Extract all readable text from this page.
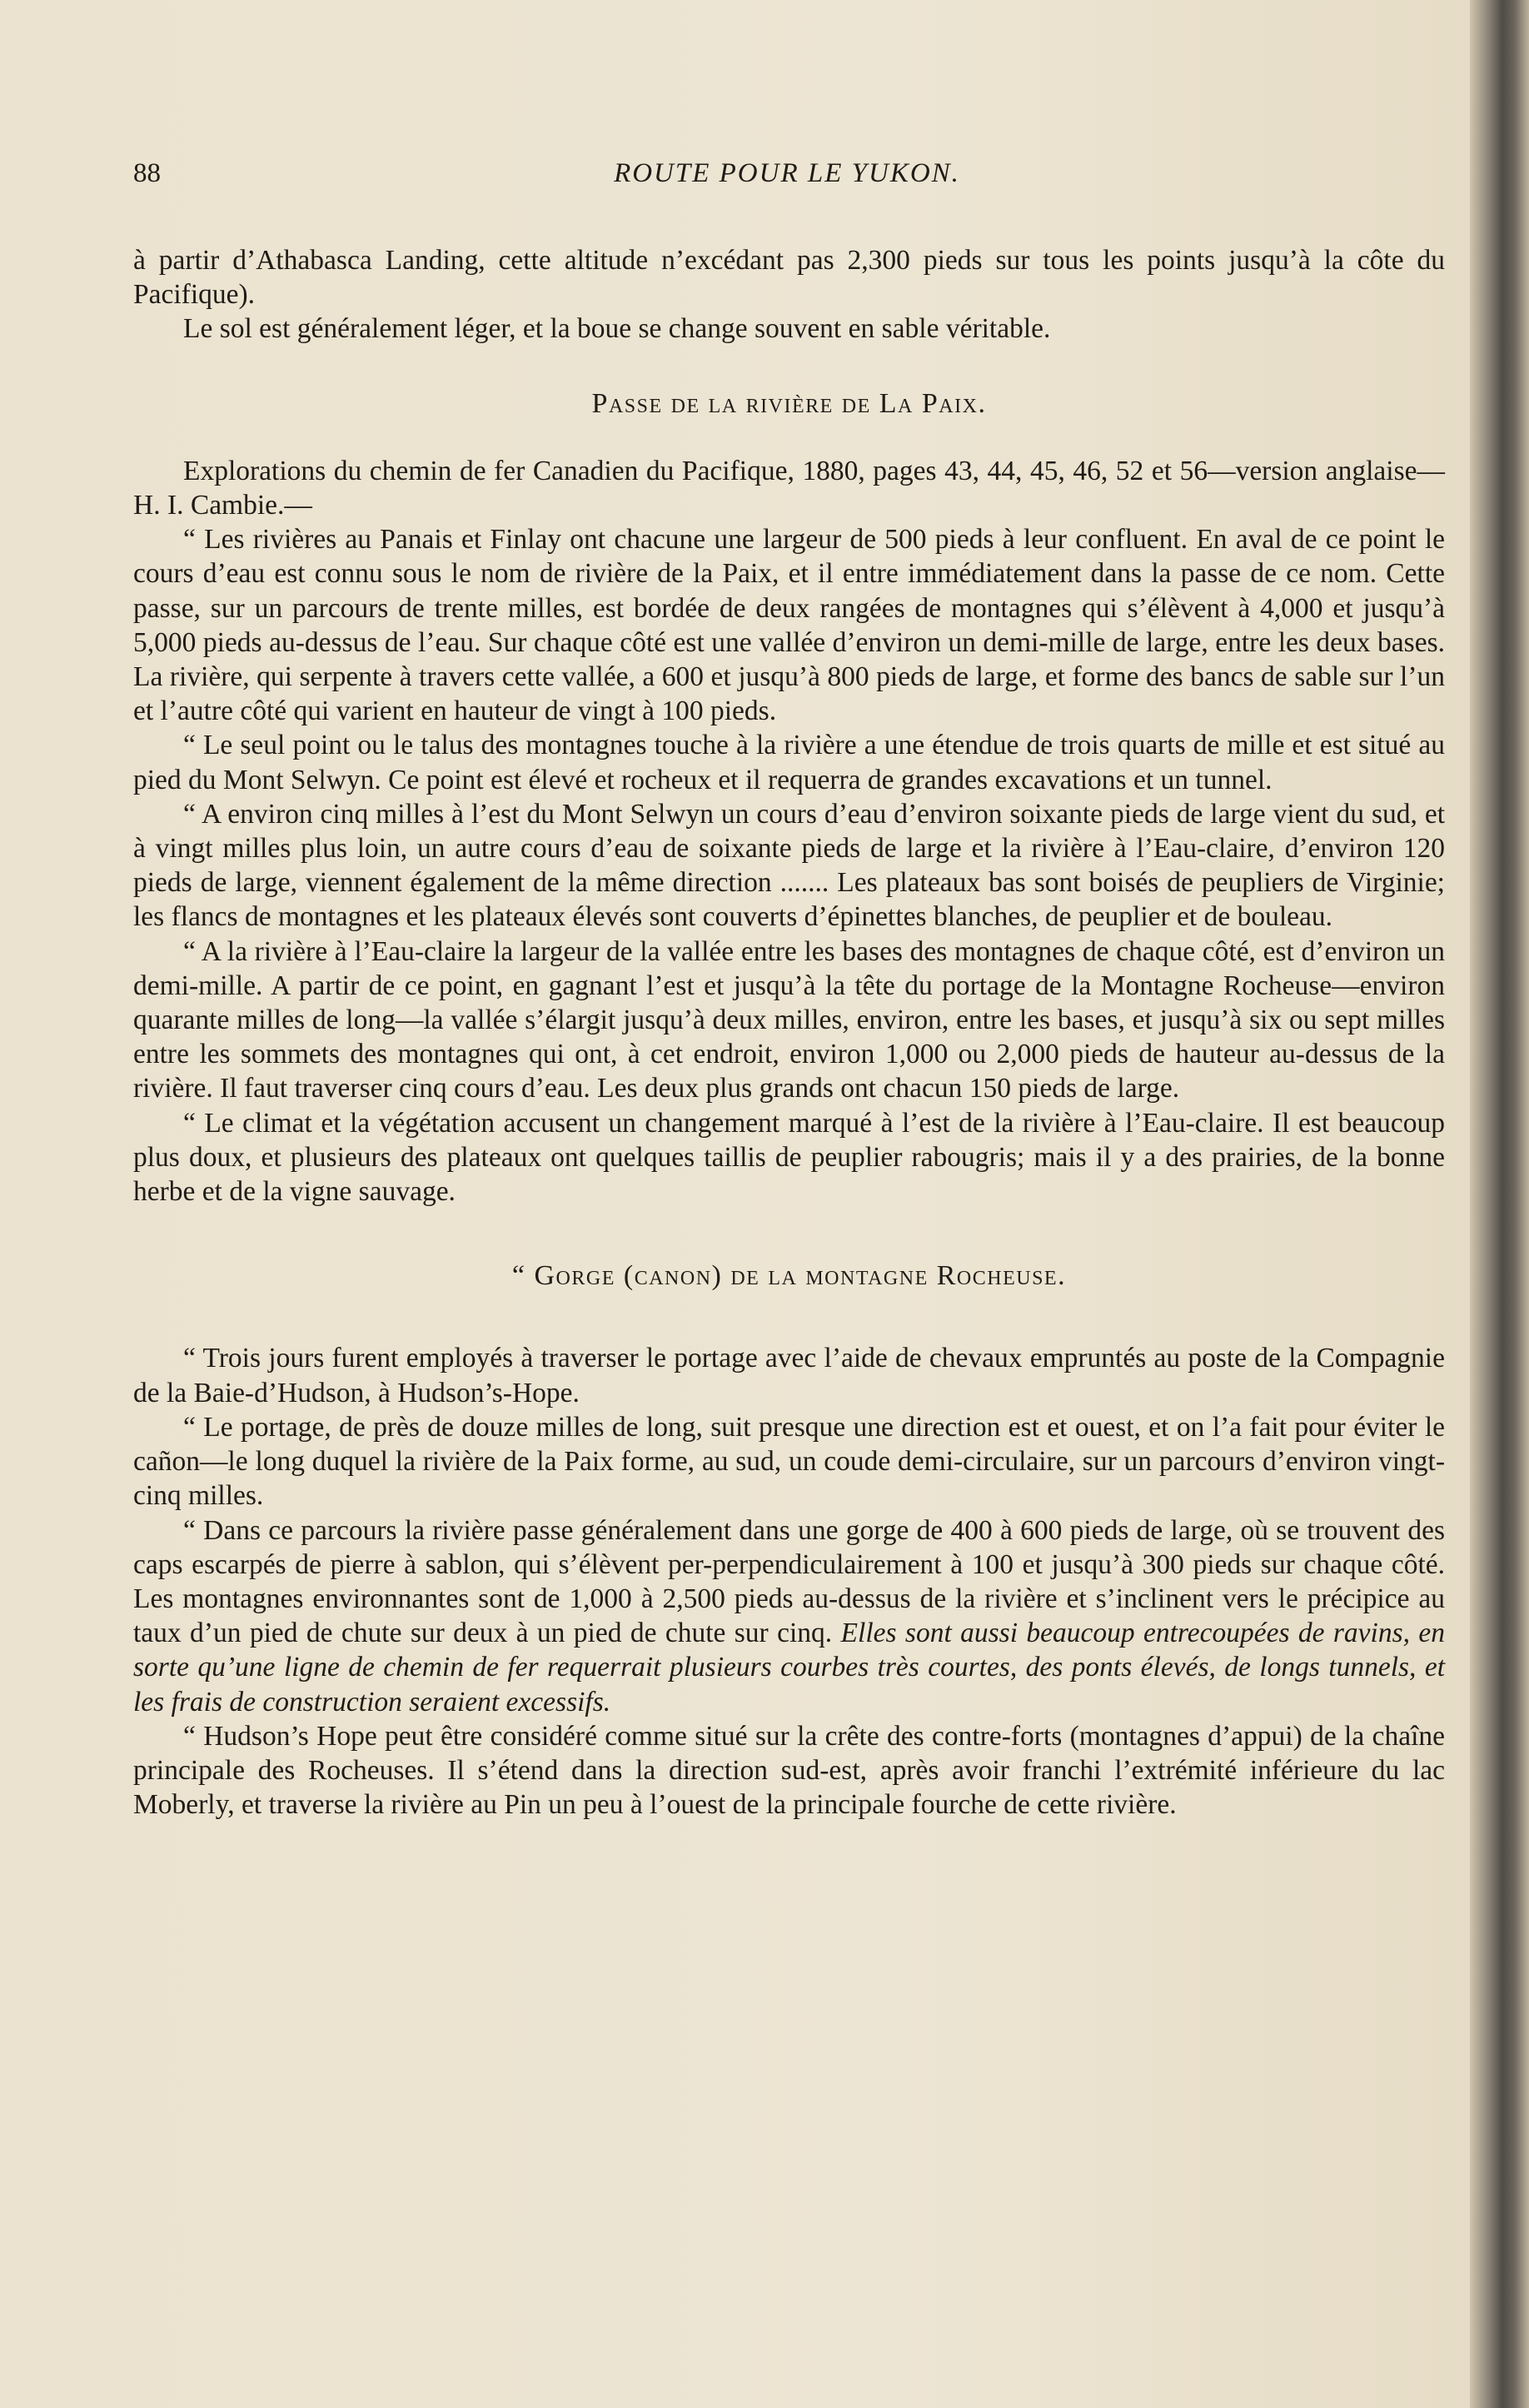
88	ROUTE POUR LE YUKON.

à partir d’Athabasca Landing, cette altitude n’excédant pas 2,300 pieds sur tous les points jusqu’à la côte du Pacifique).

Le sol est généralement léger, et la boue se change souvent en sable véritable.

Passe de la rivière de La Paix.

Explorations du chemin de fer Canadien du Pacifique, 1880, pages 43, 44, 45, 46, 52 et 56—version anglaise—H. I. Cambie.—

“ Les rivières au Panais et Finlay ont chacune une largeur de 500 pieds à leur confluent. En aval de ce point le cours d’eau est connu sous le nom de rivière de la Paix, et il entre immédiatement dans la passe de ce nom. Cette passe, sur un parcours de trente milles, est bordée de deux rangées de montagnes qui s’élèvent à 4,000 et jusqu’à 5,000 pieds au-dessus de l’eau. Sur chaque côté est une vallée d’environ un demi-mille de large, entre les deux bases. La rivière, qui serpente à travers cette vallée, a 600 et jusqu’à 800 pieds de large, et forme des bancs de sable sur l’un et l’autre côté qui varient en hauteur de vingt à 100 pieds.

“ Le seul point ou le talus des montagnes touche à la rivière a une étendue de trois quarts de mille et est situé au pied du Mont Selwyn. Ce point est élevé et rocheux et il requerra de grandes excavations et un tunnel.

“ A environ cinq milles à l’est du Mont Selwyn un cours d’eau d’environ soixante pieds de large vient du sud, et à vingt milles plus loin, un autre cours d’eau de soixante pieds de large et la rivière à l’Eau-claire, d’environ 120 pieds de large, viennent également de la même direction ....... Les plateaux bas sont boisés de peupliers de Virginie; les flancs de montagnes et les plateaux élevés sont couverts d’épinettes blanches, de peuplier et de bouleau.

“ A la rivière à l’Eau-claire la largeur de la vallée entre les bases des montagnes de chaque côté, est d’environ un demi-mille. A partir de ce point, en gagnant l’est et jusqu’à la tête du portage de la Montagne Rocheuse—environ quarante milles de long—la vallée s’élargit jusqu’à deux milles, environ, entre les bases, et jusqu’à six ou sept milles entre les sommets des montagnes qui ont, à cet endroit, environ 1,000 ou 2,000 pieds de hauteur au-dessus de la rivière. Il faut traverser cinq cours d’eau. Les deux plus grands ont chacun 150 pieds de large.

“ Le climat et la végétation accusent un changement marqué à l’est de la rivière à l’Eau-claire. Il est beaucoup plus doux, et plusieurs des plateaux ont quelques taillis de peuplier rabougris; mais il y a des prairies, de la bonne herbe et de la vigne sauvage.

“ Gorge (canon) de la montagne Rocheuse.

“ Trois jours furent employés à traverser le portage avec l’aide de chevaux empruntés au poste de la Compagnie de la Baie-d’Hudson, à Hudson’s-Hope.

“ Le portage, de près de douze milles de long, suit presque une direction est et ouest, et on l’a fait pour éviter le cañon—le long duquel la rivière de la Paix forme, au sud, un coude demi-circulaire, sur un parcours d’environ vingt-cinq milles.

“ Dans ce parcours la rivière passe généralement dans une gorge de 400 à 600 pieds de large, où se trouvent des caps escarpés de pierre à sablon, qui s’élèvent per-perpendiculairement à 100 et jusqu’à 300 pieds sur chaque côté. Les montagnes environnantes sont de 1,000 à 2,500 pieds au-dessus de la rivière et s’inclinent vers le précipice au taux d’un pied de chute sur deux à un pied de chute sur cinq. Elles sont aussi beaucoup entrecoupées de ravins, en sorte qu’une ligne de chemin de fer requerrait plusieurs courbes très courtes, des ponts élevés, de longs tunnels, et les frais de construction seraient excessifs.

“ Hudson’s Hope peut être considéré comme situé sur la crête des contre-forts (montagnes d’appui) de la chaîne principale des Rocheuses. Il s’étend dans la direction sud-est, après avoir franchi l’extrémité inférieure du lac Moberly, et traverse la rivière au Pin un peu à l’ouest de la principale fourche de cette rivière.
